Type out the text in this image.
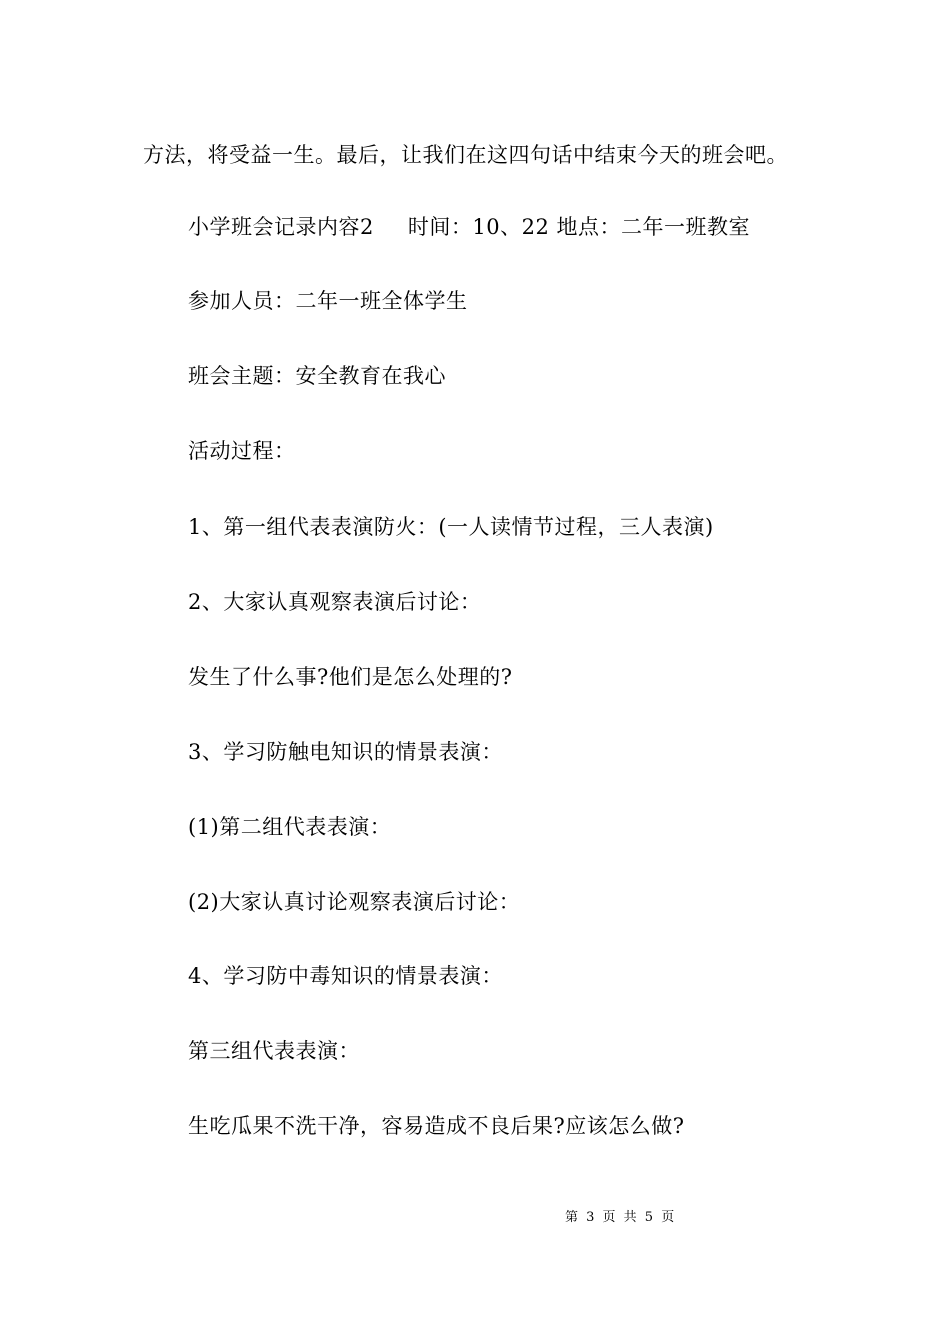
方法，将受益一生。最后，让我们在这四句话中结束今天的班会吧。
小学班会记录内容2 时间：10、22 地点：二年一班教室
参加人员：二年一班全体学生
班会主题：安全教育在我心
活动过程：
1、第一组代表表演防火：(一人读情节过程，三人表演)
2、大家认真观察表演后讨论：
发生了什么事?他们是怎么处理的?
3、学习防触电知识的情景表演：
(1)第二组代表表演：
(2)大家认真讨论观察表演后讨论：
4、学习防中毒知识的情景表演：
第三组代表表演：
生吃瓜果不洗干净，容易造成不良后果?应该怎么做?
第 3 页 共 5 页
